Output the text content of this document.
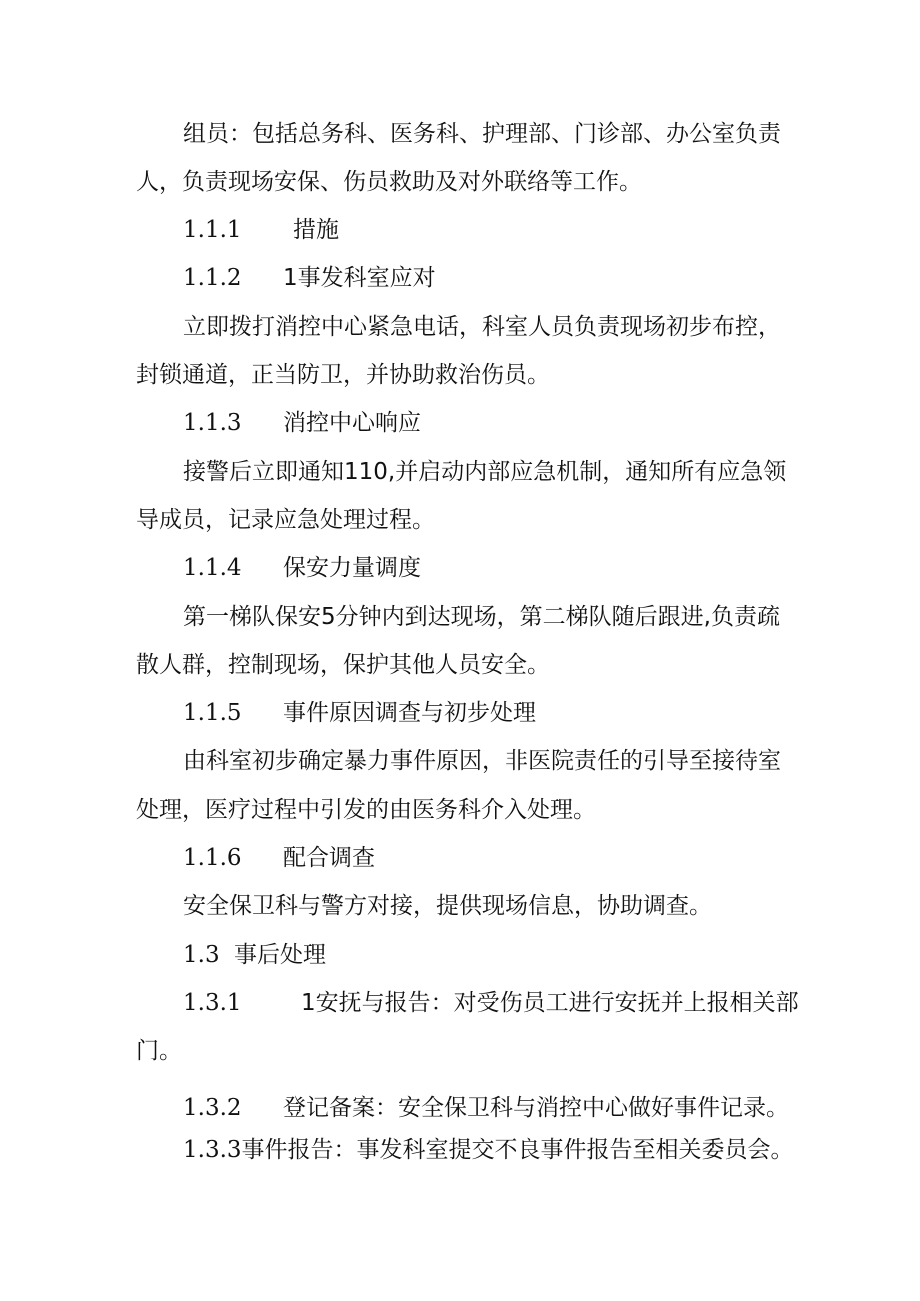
组员：包括总务科、医务科、护理部、门诊部、办公室负责
人，负责现场安保、伤员救助及对外联络等工作。
1.1.1 措施
1.1.2 1事发科室应对
立即拨打消控中心紧急电话，科室人员负责现场初步布控，
封锁通道，正当防卫，并协助救治伤员。
1.1.3 消控中心响应
接警后立即通知110,并启动内部应急机制，通知所有应急领
导成员，记录应急处理过程。
1.1.4 保安力量调度
第一梯队保安5分钟内到达现场，第二梯队随后跟进,负责疏
散人群，控制现场，保护其他人员安全。
1.1.5 事件原因调查与初步处理
由科室初步确定暴力事件原因，非医院责任的引导至接待室
处理，医疗过程中引发的由医务科介入处理。
1.1.6 配合调查
安全保卫科与警方对接，提供现场信息，协助调查。
1.3 事后处理
1.3.1	1安抚与报告：对受伤员工进行安抚并上报相关部
门。
1.3.2 登记备案：安全保卫科与消控中心做好事件记录。
1.3.3事件报告：事发科室提交不良事件报告至相关委员会。
